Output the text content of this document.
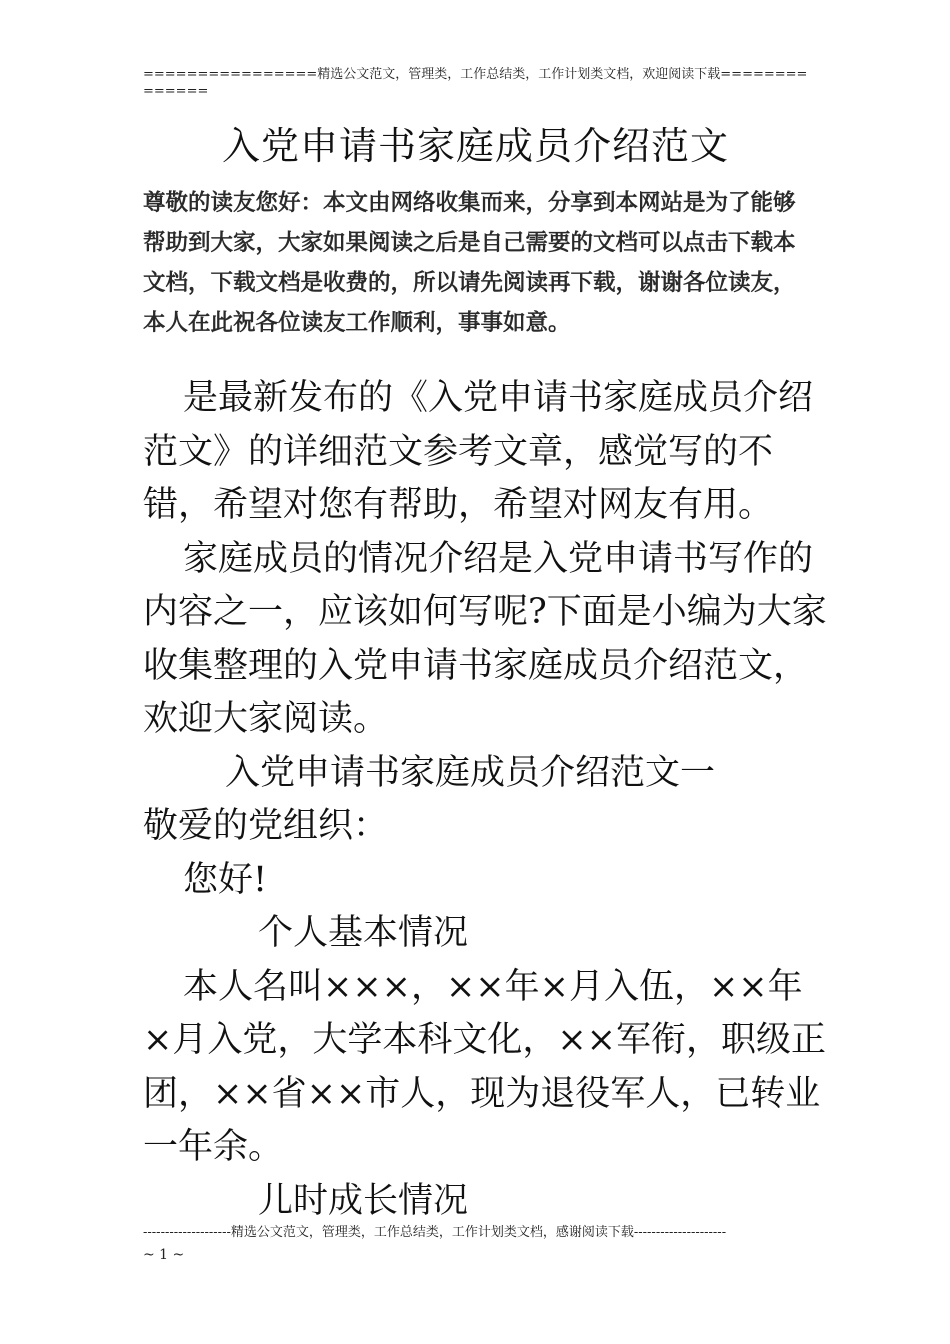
================精选公文范文，管理类，工作总结类，工作计划类文档，欢迎阅读下载==============
入党申请书家庭成员介绍范文
尊敬的读友您好：本文由网络收集而来，分享到本网站是为了能够帮助到大家，大家如果阅读之后是自己需要的文档可以点击下载本文档，下载文档是收费的，所以请先阅读再下载，谢谢各位读友，本人在此祝各位读友工作顺利，事事如意。

是最新发布的《入党申请书家庭成员介绍范文》的详细范文参考文章，感觉写的不错，希望对您有帮助，希望对网友有用。

家庭成员的情况介绍是入党申请书写作的内容之一，应该如何写呢?下面是小编为大家收集整理的入党申请书家庭成员介绍范文，欢迎大家阅读。

入党申请书家庭成员介绍范文一

敬爱的党组织：

您好!

个人基本情况

本人名叫×××，××年×月入伍，××年×月入党，大学本科文化，××军衔，职级正团，××省××市人，现为退役军人，已转业一年余。

儿时成长情况

--------------------精选公文范文，管理类，工作总结类，工作计划类文档，感谢阅读下载---------------------
~ 1 ~
